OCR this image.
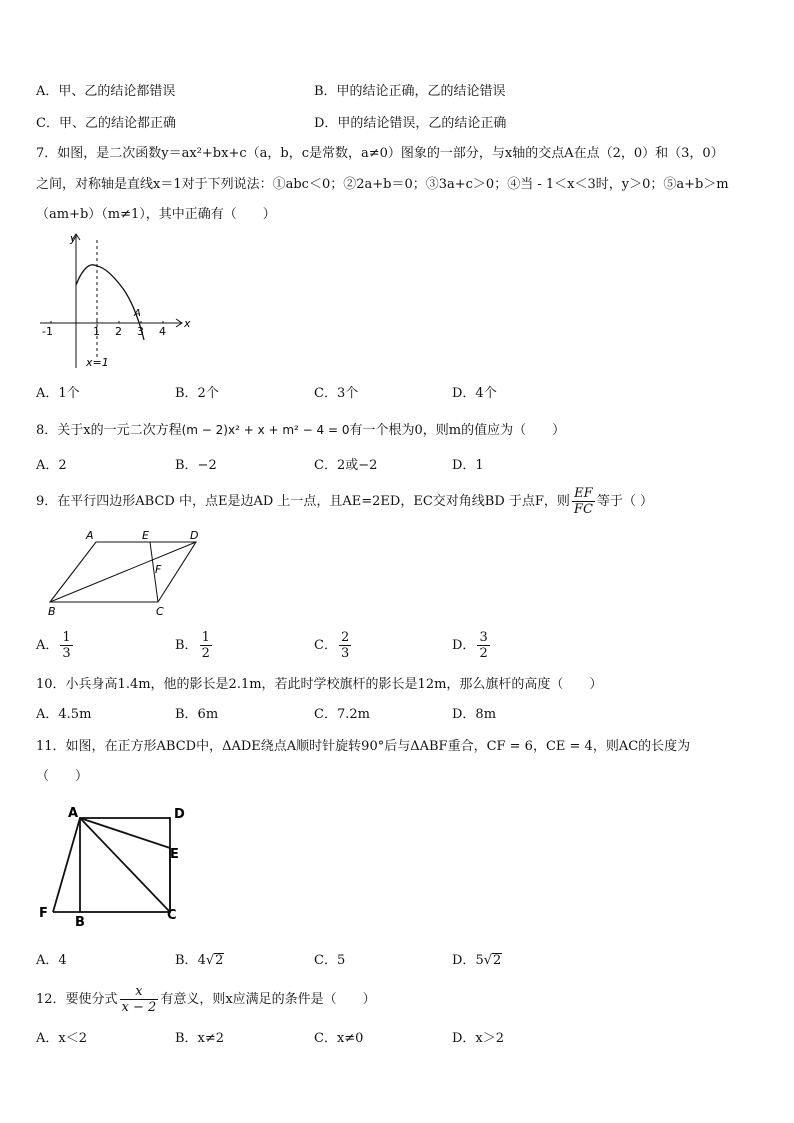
A．甲、乙的结论都错误	B．甲的结论正确，乙的结论错误
C．甲、乙的结论都正确	D．甲的结论错误，乙的结论正确
7．如图，是二次函数y＝ax²+bx+c（a，b，c是常数，a≠0）图象的一部分，与x轴的交点A在点（2，0）和（3，0）
之间，对称轴是直线x＝1对于下列说法：①abc＜0；②2a+b＝0；③3a+c＞0；④当 - 1＜x＜3时，y＞0；⑤a+b＞m
（am+b）（m≠1），其中正确有（　　）
y
x
-1	1 2 3 4
A
x=1
A．1个	B．2个	C．3个	D．4个
8．关于x的一元二次方程(m − 2)x² + x + m² − 4 = 0有一个根为0，则m的值应为（　　）
A．2	B．−2	C．2或−2	D．1
9．在平行四边形ABCD 中，点E是边AD 上一点，且AE=2ED，EC交对角线BD 于点F，则 $\frac{EF}{FC}$ 等于（ ）
A	E	D
F
B	C
A． $\frac{1}{3}$	B． $\frac{1}{2}$	C． $\frac{2}{3}$	D． $\frac{3}{2}$
10．小兵身高1.4m，他的影长是2.1m，若此时学校旗杆的影长是12m，那么旗杆的高度（　　）
A．4.5m	B．6m	C．7.2m	D．8m
11．如图，在正方形ABCD中，ΔADE绕点A顺时针旋转90°后与ΔABF重合，CF = 6，CE = 4，则AC的长度为
（　　）
A	D
E
F
B	C
A．4	B．4√2	C．5	D．5√2
12．要使分式 $\frac{x}{x - 2}$ 有意义，则x应满足的条件是（　　）
A．x＜2	B．x≠2	C．x≠0	D．x＞2
